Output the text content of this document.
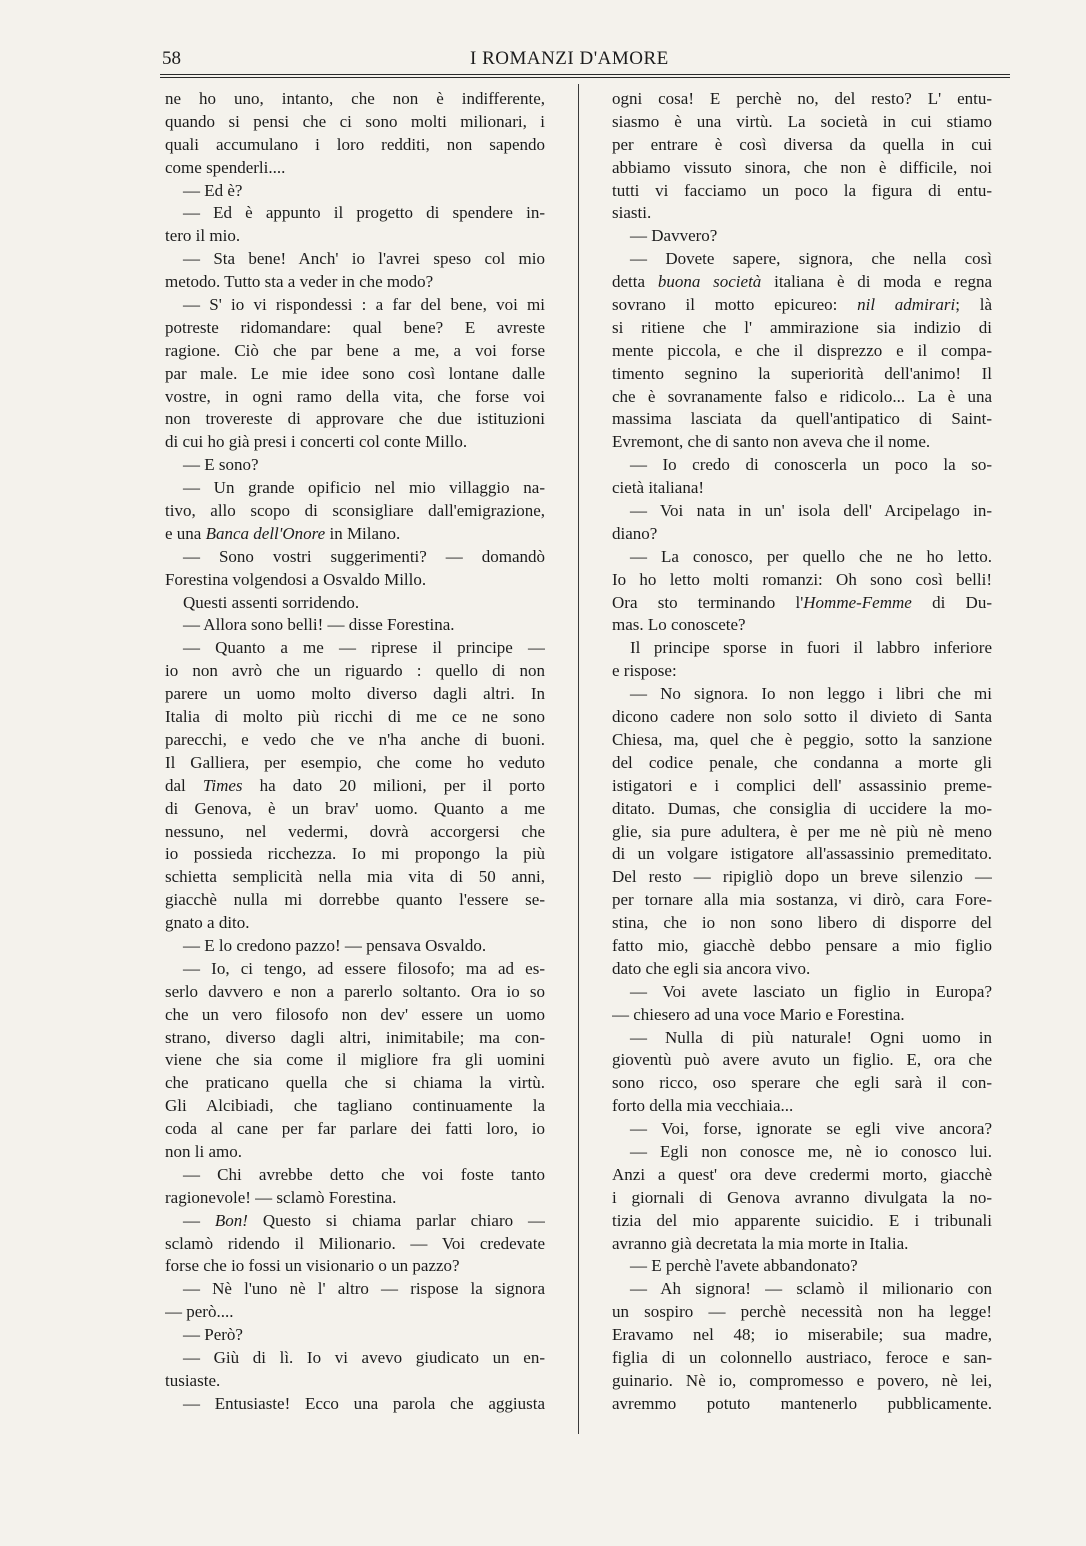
58	I ROMANZI D'AMORE
ne ho uno, intanto, che non è indifferente,
quando si pensi che ci sono molti milionari, i
quali accumulano i loro redditi, non sapendo
come spenderli....
— Ed è?
— Ed è appunto il progetto di spendere in-
tero il mio.
— Sta bene! Anch' io l'avrei speso col mio
metodo. Tutto sta a veder in che modo?
— S' io vi rispondessi : a far del bene, voi mi
potreste ridomandare: qual bene? E avreste
ragione. Ciò che par bene a me, a voi forse
par male. Le mie idee sono così lontane dalle
vostre, in ogni ramo della vita, che forse voi
non trovereste di approvare che due istituzioni
di cui ho già presi i concerti col conte Millo.
— E sono?
— Un grande opificio nel mio villaggio na-
tivo, allo scopo di sconsigliare dall'emigrazione,
e una Banca dell'Onore in Milano.
— Sono vostri suggerimenti? — domandò
Forestina volgendosi a Osvaldo Millo.
Questi assenti sorridendo.
— Allora sono belli! — disse Forestina.
— Quanto a me — riprese il principe —
io non avrò che un riguardo : quello di non
parere un uomo molto diverso dagli altri. In
Italia di molto più ricchi di me ce ne sono
parecchi, e vedo che ve n'ha anche di buoni.
Il Galliera, per esempio, che come ho veduto
dal Times ha dato 20 milioni, per il porto
di Genova, è un brav' uomo. Quanto a me
nessuno, nel vedermi, dovrà accorgersi che
io possieda ricchezza. Io mi propongo la più
schietta semplicità nella mia vita di 50 anni,
giacchè nulla mi dorrebbe quanto l'essere se-
gnato a dito.
— E lo credono pazzo! — pensava Osvaldo.
— Io, ci tengo, ad essere filosofo; ma ad es-
serlo davvero e non a parerlo soltanto. Ora io so
che un vero filosofo non dev' essere un uomo
strano, diverso dagli altri, inimitabile; ma con-
viene che sia come il migliore fra gli uomini
che praticano quella che si chiama la virtù.
Gli Alcibiadi, che tagliano continuamente la
coda al cane per far parlare dei fatti loro, io
non li amo.
— Chi avrebbe detto che voi foste tanto
ragionevole! — sclamò Forestina.
— Bon! Questo si chiama parlar chiaro —
sclamò ridendo il Milionario. — Voi credevate
forse che io fossi un visionario o un pazzo?
— Nè l'uno nè l' altro — rispose la signora
— però....
— Però?
— Giù di lì. Io vi avevo giudicato un en-
tusiaste.
— Entusiaste! Ecco una parola che aggiusta
ogni cosa! E perchè no, del resto? L' entu-
siasmo è una virtù. La società in cui stiamo
per entrare è così diversa da quella in cui
abbiamo vissuto sinora, che non è difficile, noi
tutti vi facciamo un poco la figura di entu-
siasti.
— Davvero?
— Dovete sapere, signora, che nella così
detta buona società italiana è di moda e regna
sovrano il motto epicureo: nil admirari; là
si ritiene che l' ammirazione sia indizio di
mente piccola, e che il disprezzo e il compa-
timento segnino la superiorità dell'animo! Il
che è sovranamente falso e ridicolo... La è una
massima lasciata da quell'antipatico di Saint-
Evremont, che di santo non aveva che il nome.
— Io credo di conoscerla un poco la so-
cietà italiana!
— Voi nata in un' isola dell' Arcipelago in-
diano?
— La conosco, per quello che ne ho letto.
Io ho letto molti romanzi: Oh sono così belli!
Ora sto terminando l'Homme-Femme di Du-
mas. Lo conoscete?
Il principe sporse in fuori il labbro inferiore
e rispose:
— No signora. Io non leggo i libri che mi
dicono cadere non solo sotto il divieto di Santa
Chiesa, ma, quel che è peggio, sotto la sanzione
del codice penale, che condanna a morte gli
istigatori e i complici dell' assassinio preme-
ditato. Dumas, che consiglia di uccidere la mo-
glie, sia pure adultera, è per me nè più nè meno
di un volgare istigatore all'assassinio premeditato.
Del resto — ripigliò dopo un breve silenzio —
per tornare alla mia sostanza, vi dirò, cara Fore-
stina, che io non sono libero di disporre del
fatto mio, giacchè debbo pensare a mio figlio
dato che egli sia ancora vivo.
— Voi avete lasciato un figlio in Europa?
— chiesero ad una voce Mario e Forestina.
— Nulla di più naturale! Ogni uomo in
gioventù può avere avuto un figlio. E, ora che
sono ricco, oso sperare che egli sarà il con-
forto della mia vecchiaia...
— Voi, forse, ignorate se egli vive ancora?
— Egli non conosce me, nè io conosco lui.
Anzi a quest' ora deve credermi morto, giacchè
i giornali di Genova avranno divulgata la no-
tizia del mio apparente suicidio. E i tribunali
avranno già decretata la mia morte in Italia.
— E perchè l'avete abbandonato?
— Ah signora! — sclamò il milionario con
un sospiro — perchè necessità non ha legge!
Eravamo nel 48; io miserabile; sua madre,
figlia di un colonnello austriaco, feroce e san-
guinario. Nè io, compromesso e povero, nè lei,
avremmo potuto mantenerlo pubblicamente.
